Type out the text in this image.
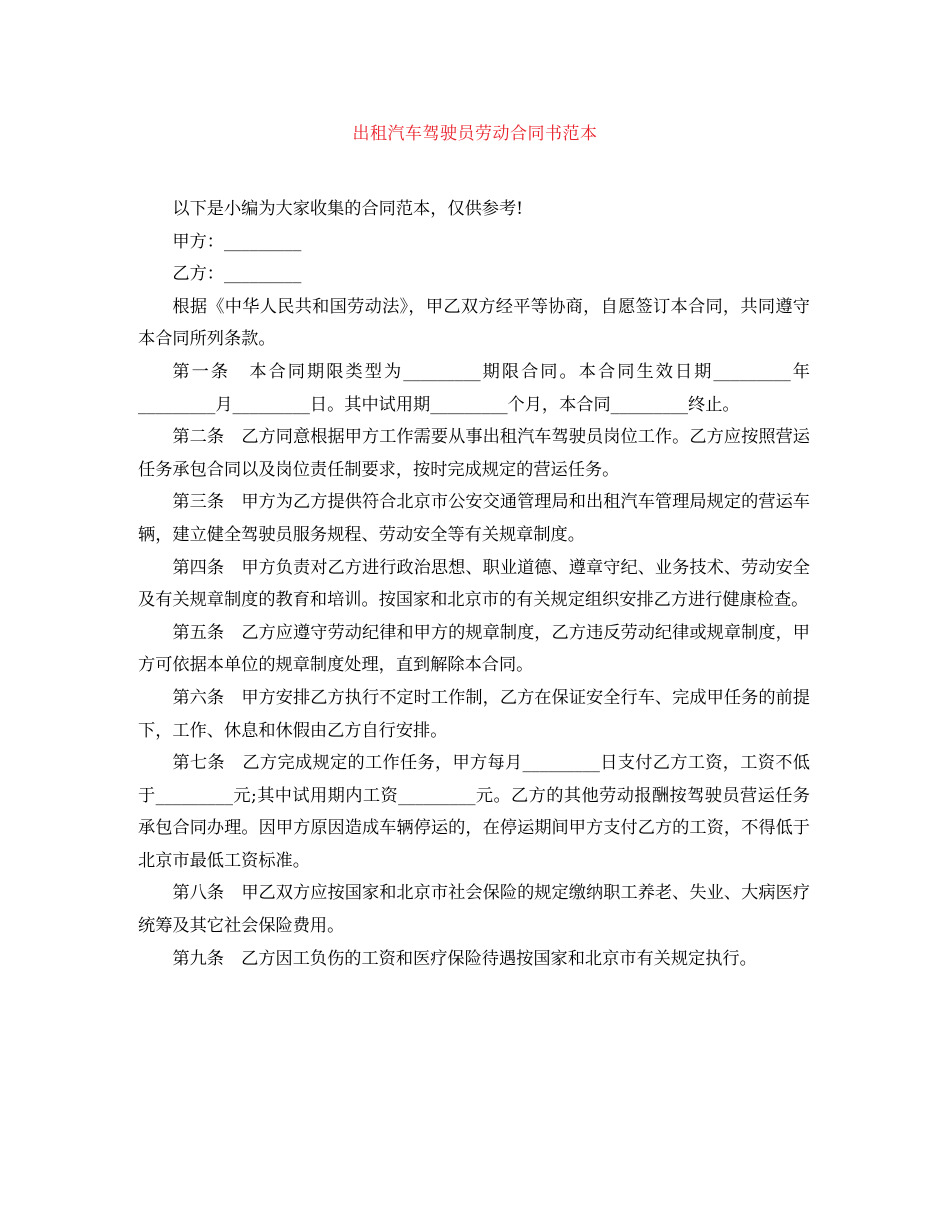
出租汽车驾驶员劳动合同书范本

以下是小编为大家收集的合同范本，仅供参考!

甲方：_________

乙方：_________

根据《中华人民共和国劳动法》，甲乙双方经平等协商，自愿签订本合同，共同遵守本合同所列条款。

第一条　本合同期限类型为_________期限合同。本合同生效日期_________年_________月_________日。其中试用期_________个月，本合同_________终止。

第二条　乙方同意根据甲方工作需要从事出租汽车驾驶员岗位工作。乙方应按照营运任务承包合同以及岗位责任制要求，按时完成规定的营运任务。

第三条　甲方为乙方提供符合北京市公安交通管理局和出租汽车管理局规定的营运车辆，建立健全驾驶员服务规程、劳动安全等有关规章制度。

第四条　甲方负责对乙方进行政治思想、职业道德、遵章守纪、业务技术、劳动安全及有关规章制度的教育和培训。按国家和北京市的有关规定组织安排乙方进行健康检查。

第五条　乙方应遵守劳动纪律和甲方的规章制度，乙方违反劳动纪律或规章制度，甲方可依据本单位的规章制度处理，直到解除本合同。

第六条　甲方安排乙方执行不定时工作制，乙方在保证安全行车、完成甲任务的前提下，工作、休息和休假由乙方自行安排。

第七条　乙方完成规定的工作任务，甲方每月_________日支付乙方工资，工资不低于_________元;其中试用期内工资_________元。乙方的其他劳动报酬按驾驶员营运任务承包合同办理。因甲方原因造成车辆停运的，在停运期间甲方支付乙方的工资，不得低于北京市最低工资标准。

第八条　甲乙双方应按国家和北京市社会保险的规定缴纳职工养老、失业、大病医疗统筹及其它社会保险费用。

第九条　乙方因工负伤的工资和医疗保险待遇按国家和北京市有关规定执行。
